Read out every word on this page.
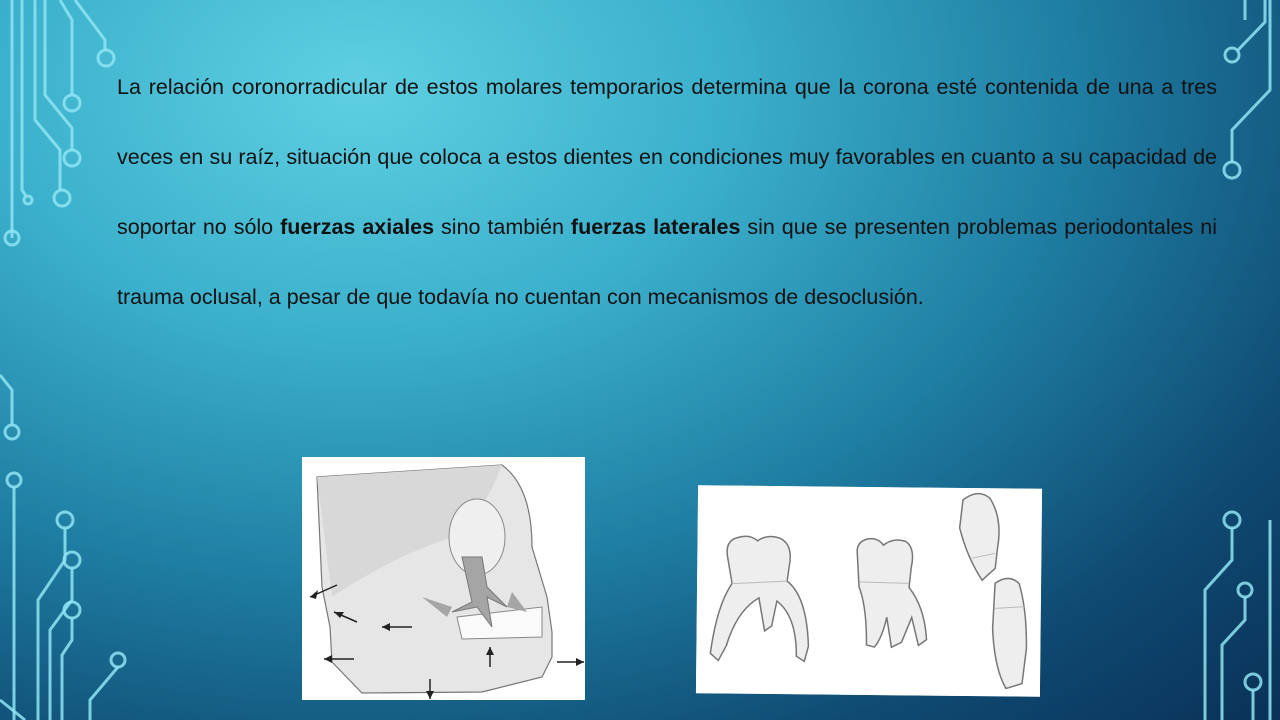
La relación coronorradicular de estos molares temporarios determina que la corona esté contenida de una a tres veces en su raíz, situación que coloca a estos dientes en condiciones muy favorables en cuanto a su capacidad de soportar no sólo fuerzas axiales sino también fuerzas laterales sin que se presenten problemas periodontales ni trauma oclusal, a pesar de que todavía no cuentan con mecanismos de desoclusión.
